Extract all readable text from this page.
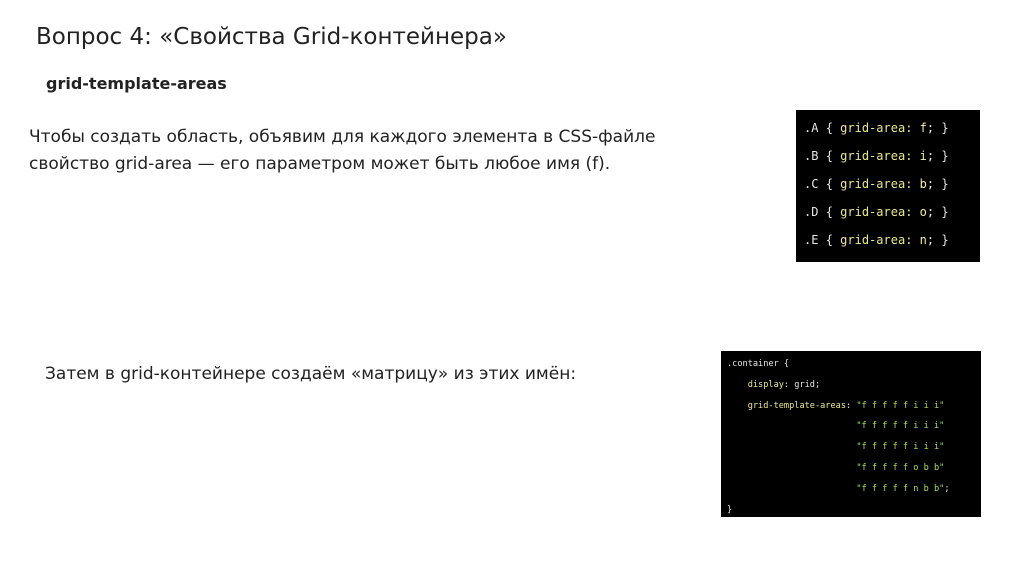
Вопрос 4: «Свойства Grid-контейнера»
grid-template-areas
Чтобы создать область, объявим для каждого элемента в CSS-файле
свойство grid-area — его параметром может быть любое имя (f).
.A { grid-area: f; }
.B { grid-area: i; }
.C { grid-area: b; }
.D { grid-area: o; }
.E { grid-area: n; }
Затем в grid-контейнере создаём «матрицу» из этих имён:	.container {
display: grid;
grid-template-areas: "f f f f f i i i"
"f f f f f i i i"
"f f f f f i i i"
"f f f f f o b b"
"f f f f f n b b";
}
